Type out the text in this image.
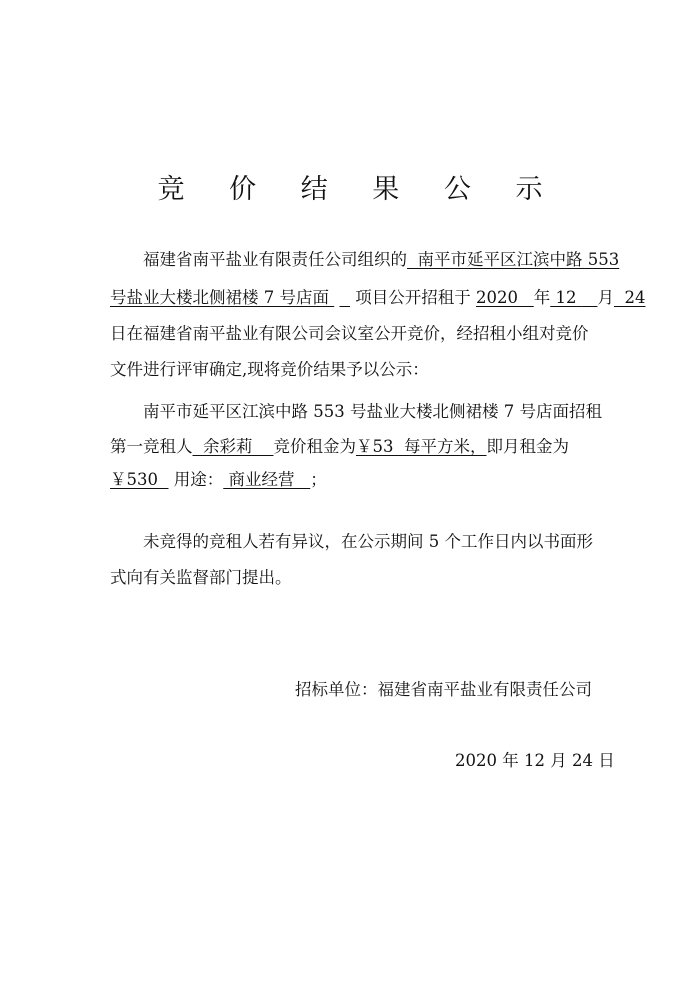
竞 价 结 果 公 示
福建省南平盐业有限责任公司组织的  南平市延平区江滨中路 553
号盐业大楼北侧裙楼 7 号店面     项目公开招租于 2020 年 12    月  24
日在福建省南平盐业有限公司会议室公开竞价，经招租小组对竞价
文件进行评审确定,现将竞价结果予以公示：
南平市延平区江滨中路 553 号盐业大楼北侧裙楼 7 号店面招租
第一竞租人  余彩莉    竞价租金为￥53  每平方米，即月租金为
￥530   用途： 商业经营   ；
未竞得的竞租人若有异议，在公示期间 5 个工作日内以书面形
式向有关监督部门提出。
招标单位：福建省南平盐业有限责任公司
2020 年 12 月 24 日
